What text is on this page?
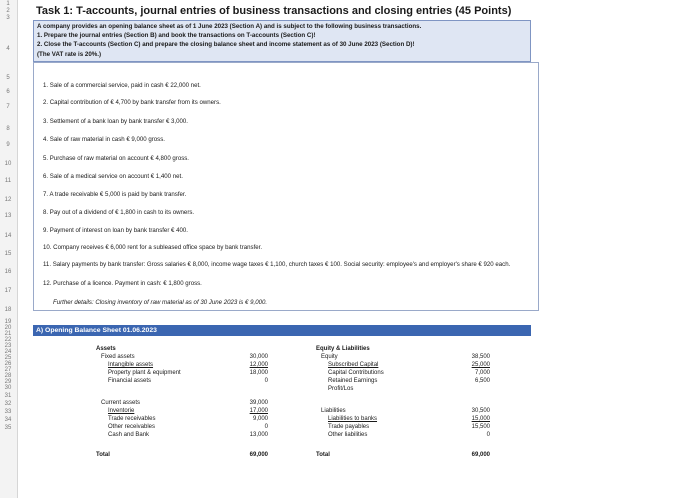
1
2
3
4
5
6
7
8
9
10
11
12
13
14
15
16
17
18
19
20
21
22
23
24
25
26
27
28
29
30
31
32
33
34
35
Task 1: T-accounts, journal entries of business transactions and closing entries (45 Points)
A company provides an opening balance sheet as of 1 June 2023 (Section A) and is subject to the following business transactions.
1. Prepare the journal entries (Section B) and book the transactions on T-accounts (Section C)!
2. Close the T-accounts (Section C) and prepare the closing balance sheet and income statement as of 30 June 2023 (Section D)!
(The VAT rate is 20%.)
1. Sale of a commercial service, paid in cash € 22,000 net.
2. Capital contribution of € 4,700 by bank transfer from its owners.
3. Settlement of a bank loan by bank transfer € 3,000.
4. Sale of raw material in cash € 9,000 gross.
5. Purchase of raw material on account € 4,800 gross.
6. Sale of a medical service on account € 1,400 net.
7. A trade receivable € 5,000 is paid by bank transfer.
8. Pay out of a dividend of € 1,800 in cash to its owners.
9. Payment of interest on loan by bank transfer € 400.
10. Company receives € 6,000 rent for a subleased office space by bank transfer.
11. Salary payments by bank transfer: Gross salaries € 8,000, income wage taxes € 1,100, church taxes € 100. Social security: employee's and employer's share € 920 each.
12. Purchase of a licence. Payment in cash: € 1,800 gross.
Further details: Closing inventory of raw material as of 30 June 2023 is € 9,000.
A) Opening Balance Sheet 01.06.2023
Assets
Fixed assets	30,000
Intangible assets	12,000
Property plant & equipment	18,000
Financial assets	0
Current assets	39,000
Inventorie	17,000
Trade receivables	9,000
Other receivables	0
Cash and Bank	13,000
Total	69,000
Equity & Liabilities
Equity	38,500
Subscribed Capital	25,000
Capital Contributions	7,000
Retained Earnings	6,500
Profit/Los
Liabilities	30,500
Liabilities to banks	15,000
Trade payables	15,500
Other liabilities	0
Total	69,000
